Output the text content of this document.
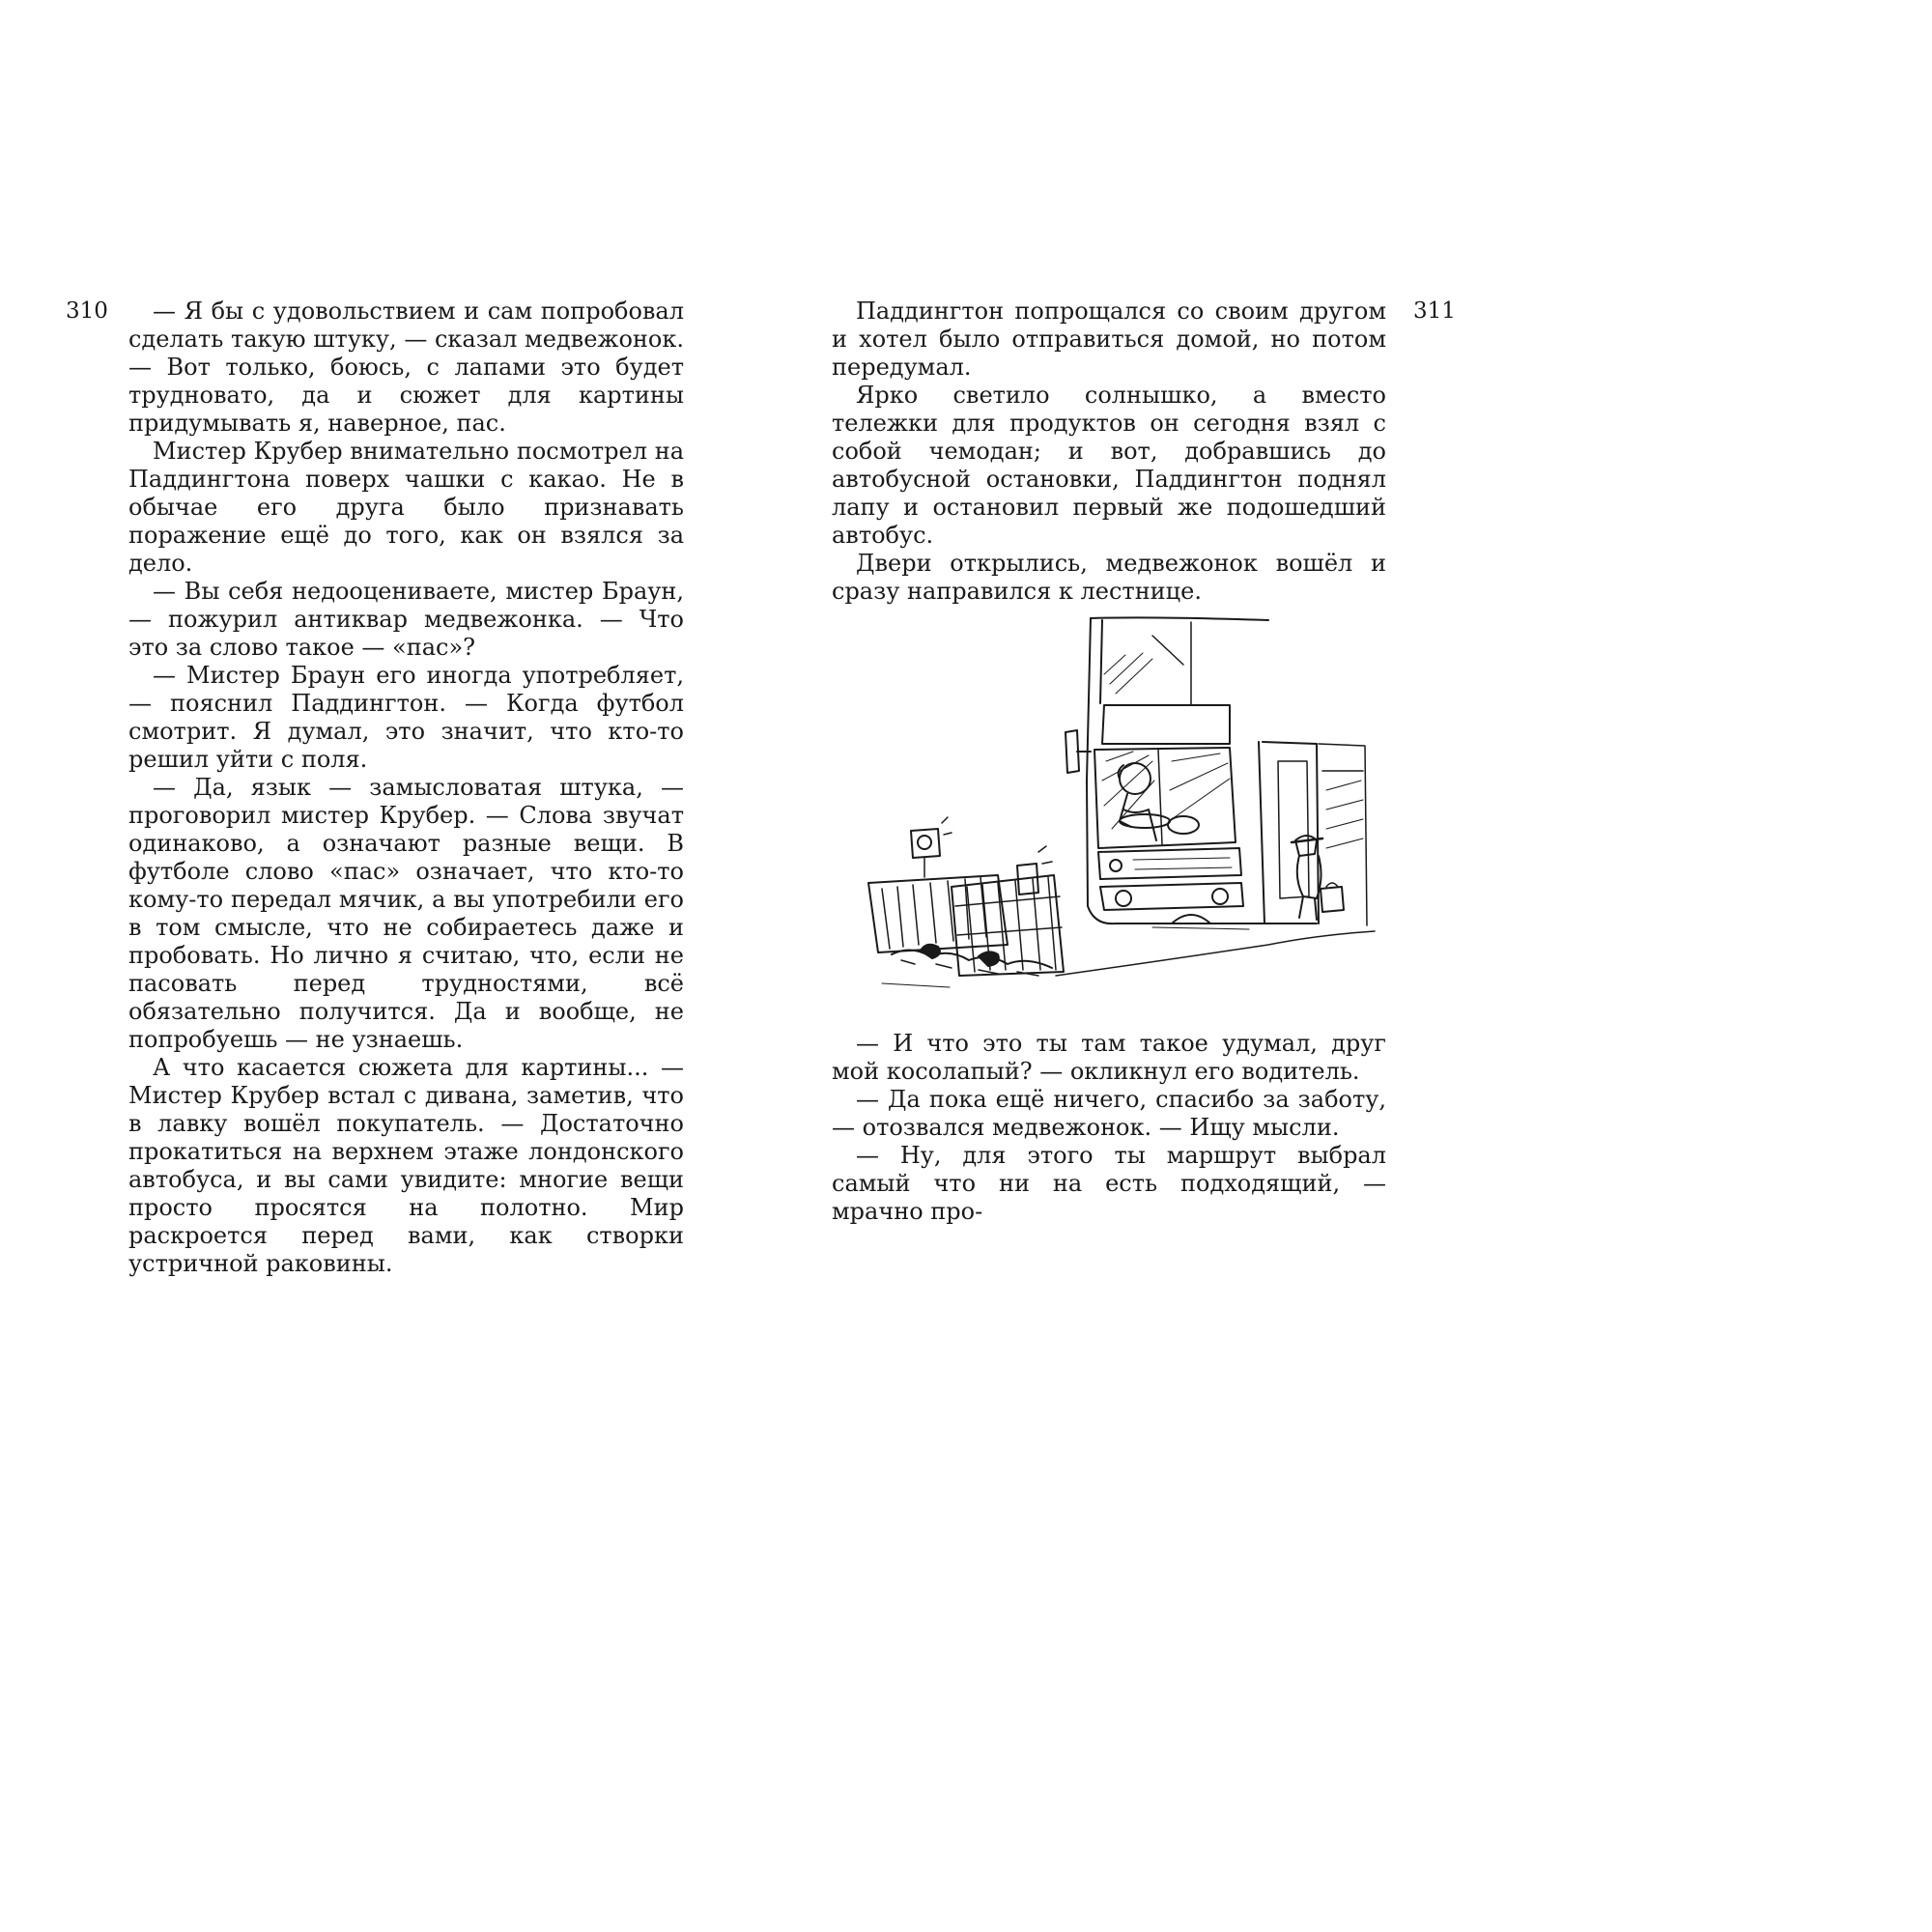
310	— Я бы с удовольствием и сам попробовал сделать такую штуку, — сказал медвежонок. — Вот только, боюсь, с лапами это будет трудновато, да и сюжет для картины придумывать я, наверное, пас.

Мистер Крубер внимательно посмотрел на Паддингтона поверх чашки с какао. Не в обычае его друга было признавать поражение ещё до того, как он взялся за дело.

— Вы себя недооцениваете, мистер Браун, — пожурил антиквар медвежонка. — Что это за слово такое — «пас»?

— Мистер Браун его иногда употребляет, — пояснил Паддингтон. — Когда футбол смотрит. Я думал, это значит, что кто-то решил уйти с поля.

— Да, язык — замысловатая штука, — проговорил мистер Крубер. — Слова звучат одинаково, а означают разные вещи. В футболе слово «пас» означает, что кто-то кому-то передал мячик, а вы употребили его в том смысле, что не собираетесь даже и пробовать. Но лично я считаю, что, если не пасовать перед трудностями, всё обязательно получится. Да и вообще, не попробуешь — не узнаешь.

А что касается сюжета для картины... — Мистер Крубер встал с дивана, заметив, что в лавку вошёл покупатель. — Достаточно прокатиться на верхнем этаже лондонского автобуса, и вы сами увидите: многие вещи просто просятся на полотно. Мир раскроется перед вами, как створки устричной раковины.

311

Паддингтон попрощался со своим другом и хотел было отправиться домой, но потом передумал.

Ярко светило солнышко, а вместо тележки для продуктов он сегодня взял с собой чемодан; и вот, добравшись до автобусной остановки, Паддингтон поднял лапу и остановил первый же подошедший автобус.

Двери открылись, медвежонок вошёл и сразу направился к лестнице.

— И что это ты там такое удумал, друг мой косолапый? — окликнул его водитель.

— Да пока ещё ничего, спасибо за заботу, — отозвался медвежонок. — Ищу мысли.

— Ну, для этого ты маршрут выбрал самый что ни на есть подходящий, — мрачно про-
